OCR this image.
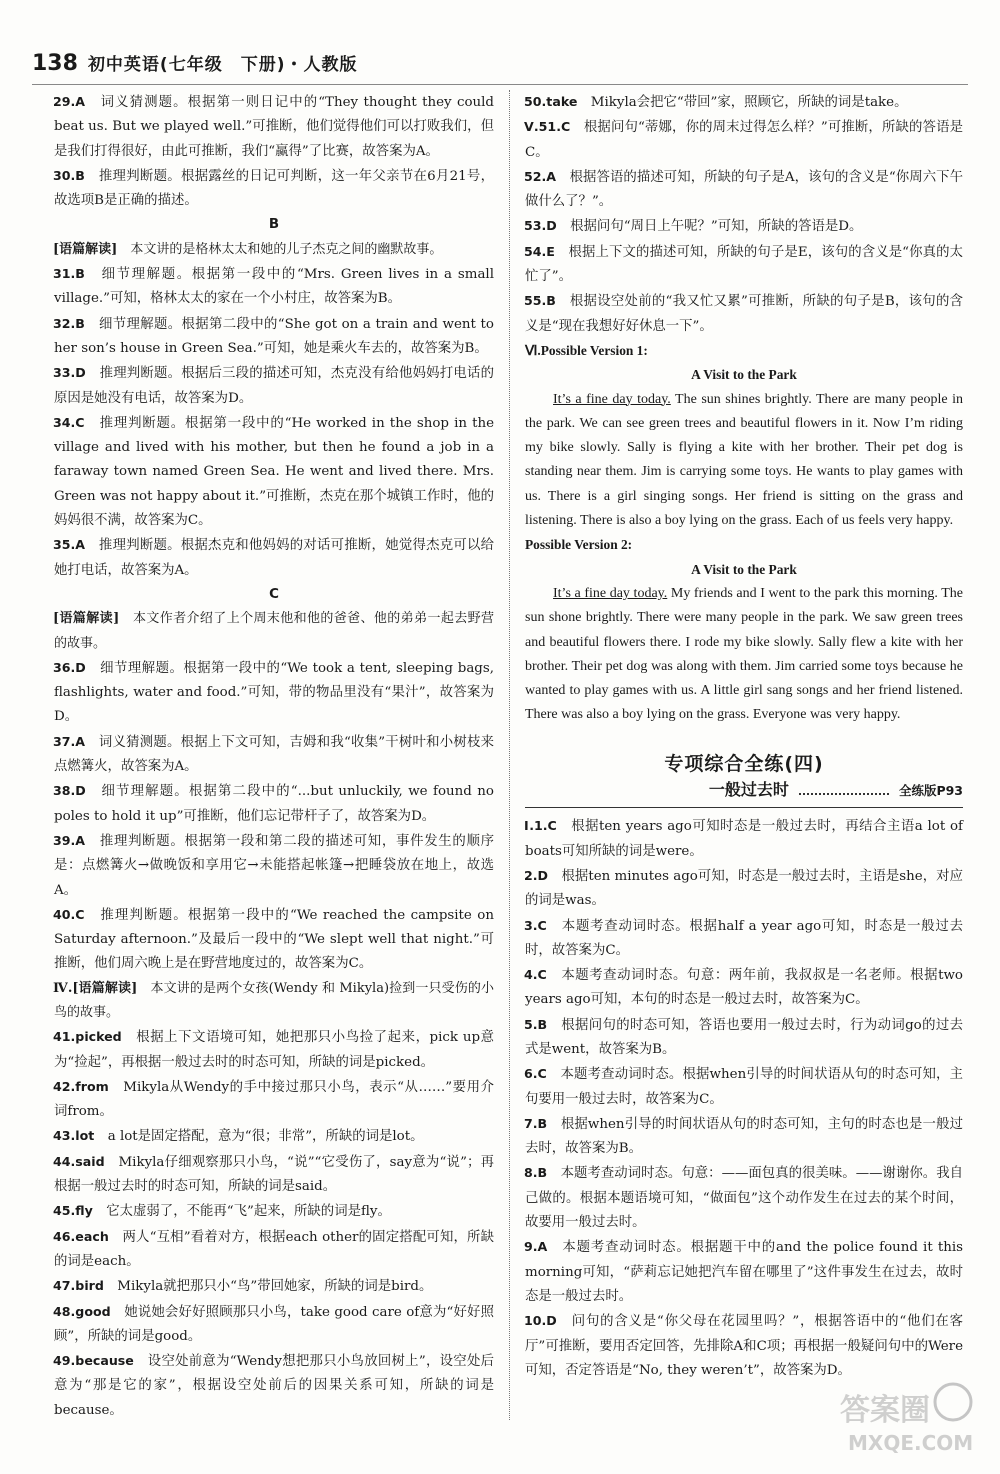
138 初中英语(七年级　下册)・人教版

29.A　词义猜测题。根据第一则日记中的“They thought they could beat us. But we played well.”可推断，他们觉得他们可以打败我们，但是我们打得很好，由此可推断，我们“赢得”了比赛，故答案为A。

30.B　推理判断题。根据露丝的日记可判断，这一年父亲节在6月21号，故选项B是正确的描述。

B

[语篇解读]　本文讲的是格林太太和她的儿子杰克之间的幽默故事。

31.B　细节理解题。根据第一段中的“Mrs. Green lives in a small village.”可知，格林太太的家在一个小村庄，故答案为B。

32.B　细节理解题。根据第二段中的“She got on a train and went to her son’s house in Green Sea.”可知，她是乘火车去的，故答案为B。

33.D　推理判断题。根据后三段的描述可知，杰克没有给他妈妈打电话的原因是她没有电话，故答案为D。

34.C　推理判断题。根据第一段中的“He worked in the shop in the village and lived with his mother, but then he found a job in a faraway town named Green Sea. He went and lived there. Mrs. Green was not happy about it.”可推断，杰克在那个城镇工作时，他的妈妈很不满，故答案为C。

35.A　推理判断题。根据杰克和他妈妈的对话可推断，她觉得杰克可以给她打电话，故答案为A。

C

[语篇解读]　本文作者介绍了上个周末他和他的爸爸、他的弟弟一起去野营的故事。

36.D　细节理解题。根据第一段中的“We took a tent, sleeping bags, flashlights, water and food.”可知，带的物品里没有“果汁”，故答案为D。

37.A　词义猜测题。根据上下文可知，吉姆和我“收集”干树叶和小树枝来点燃篝火，故答案为A。

38.D　细节理解题。根据第二段中的“...but unluckily, we found no poles to hold it up”可推断，他们忘记带杆子了，故答案为D。

39.A　推理判断题。根据第一段和第二段的描述可知，事件发生的顺序是：点燃篝火→做晚饭和享用它→未能搭起帐篷→把睡袋放在地上，故选A。

40.C　推理判断题。根据第一段中的“We reached the campsite on Saturday afternoon.”及最后一段中的“We slept well that night.”可推断，他们周六晚上是在野营地度过的，故答案为C。

Ⅳ.[语篇解读]　本文讲的是两个女孩(Wendy 和 Mikyla)捡到一只受伤的小鸟的故事。

41.picked　根据上下文语境可知，她把那只小鸟捡了起来，pick up意为“捡起”，再根据一般过去时的时态可知，所缺的词是picked。

42.from　Mikyla从Wendy的手中接过那只小鸟，表示“从……”要用介词from。

43.lot　a lot是固定搭配，意为“很；非常”，所缺的词是lot。

44.said　Mikyla仔细观察那只小鸟，“说”“它受伤了，say意为“说”；再根据一般过去时的时态可知，所缺的词是said。

45.fly　它太虚弱了，不能再“飞”起来，所缺的词是fly。

46.each　两人“互相”看着对方，根据each other的固定搭配可知，所缺的词是each。

47.bird　Mikyla就把那只小“鸟”带回她家，所缺的词是bird。

48.good　她说她会好好照顾那只小鸟，take good care of意为“好好照顾”，所缺的词是good。

49.because　设空处前意为“Wendy想把那只小鸟放回树上”，设空处后意为“那是它的家”，根据设空处前后的因果关系可知，所缺的词是because。

50.take　Mikyla会把它“带回”家，照顾它，所缺的词是take。

Ⅴ.51.C　根据问句“蒂娜，你的周末过得怎么样？”可推断，所缺的答语是C。

52.A　根据答语的描述可知，所缺的句子是A，该句的含义是“你周六下午做什么了？”。

53.D　根据问句“周日上午呢？”可知，所缺的答语是D。

54.E　根据上下文的描述可知，所缺的句子是E，该句的含义是“你真的太忙了”。

55.B　根据设空处前的“我又忙又累”可推断，所缺的句子是B，该句的含义是“现在我想好好休息一下”。

Ⅵ.Possible Version 1:

A Visit to the Park

It’s a fine day today. The sun shines brightly. There are many people in the park. We can see green trees and beautiful flowers in it. Now I’m riding my bike slowly. Sally is flying a kite with her brother. Their pet dog is standing near them. Jim is carrying some toys. He wants to play games with us. There is a girl singing songs. Her friend is sitting on the grass and listening. There is also a boy lying on the grass. Each of us feels very happy.

Possible Version 2:

A Visit to the Park

It’s a fine day today. My friends and I went to the park this morning. The sun shone brightly. There were many people in the park. We saw green trees and beautiful flowers there. I rode my bike slowly. Sally flew a kite with her brother. Their pet dog was along with them. Jim carried some toys because he wanted to play games with us. A little girl sang songs and her friend listened. There was also a boy lying on the grass. Everyone was very happy.

专项综合全练(四)

一般过去时	全练版P93

Ⅰ.1.C　根据ten years ago可知时态是一般过去时，再结合主语a lot of boats可知所缺的词是were。

2.D　根据ten minutes ago可知，时态是一般过去时，主语是she，对应的词是was。

3.C　本题考查动词时态。根据half a year ago可知，时态是一般过去时，故答案为C。

4.C　本题考查动词时态。句意：两年前，我叔叔是一名老师。根据two years ago可知，本句的时态是一般过去时，故答案为C。

5.B　根据问句的时态可知，答语也要用一般过去时，行为动词go的过去式是went，故答案为B。

6.C　本题考查动词时态。根据when引导的时间状语从句的时态可知，主句要用一般过去时，故答案为C。

7.B　根据when引导的时间状语从句的时态可知，主句的时态也是一般过去时，故答案为B。

8.B　本题考查动词时态。句意：——面包真的很美味。——谢谢你。我自己做的。根据本题语境可知，“做面包”这个动作发生在过去的某个时间，故要用一般过去时。

9.A　本题考查动词时态。根据题干中的and the police found it this morning可知，“萨莉忘记她把汽车留在哪里了”这件事发生在过去，故时态是一般过去时。

10.D　问句的含义是“你父母在花园里吗？”，根据答语中的“他们在客厅”可推断，要用否定回答，先排除A和C项；再根据一般疑问句中的Were可知，否定答语是“No, they weren’t”，故答案为D。

答案圈
MXQE.COM
